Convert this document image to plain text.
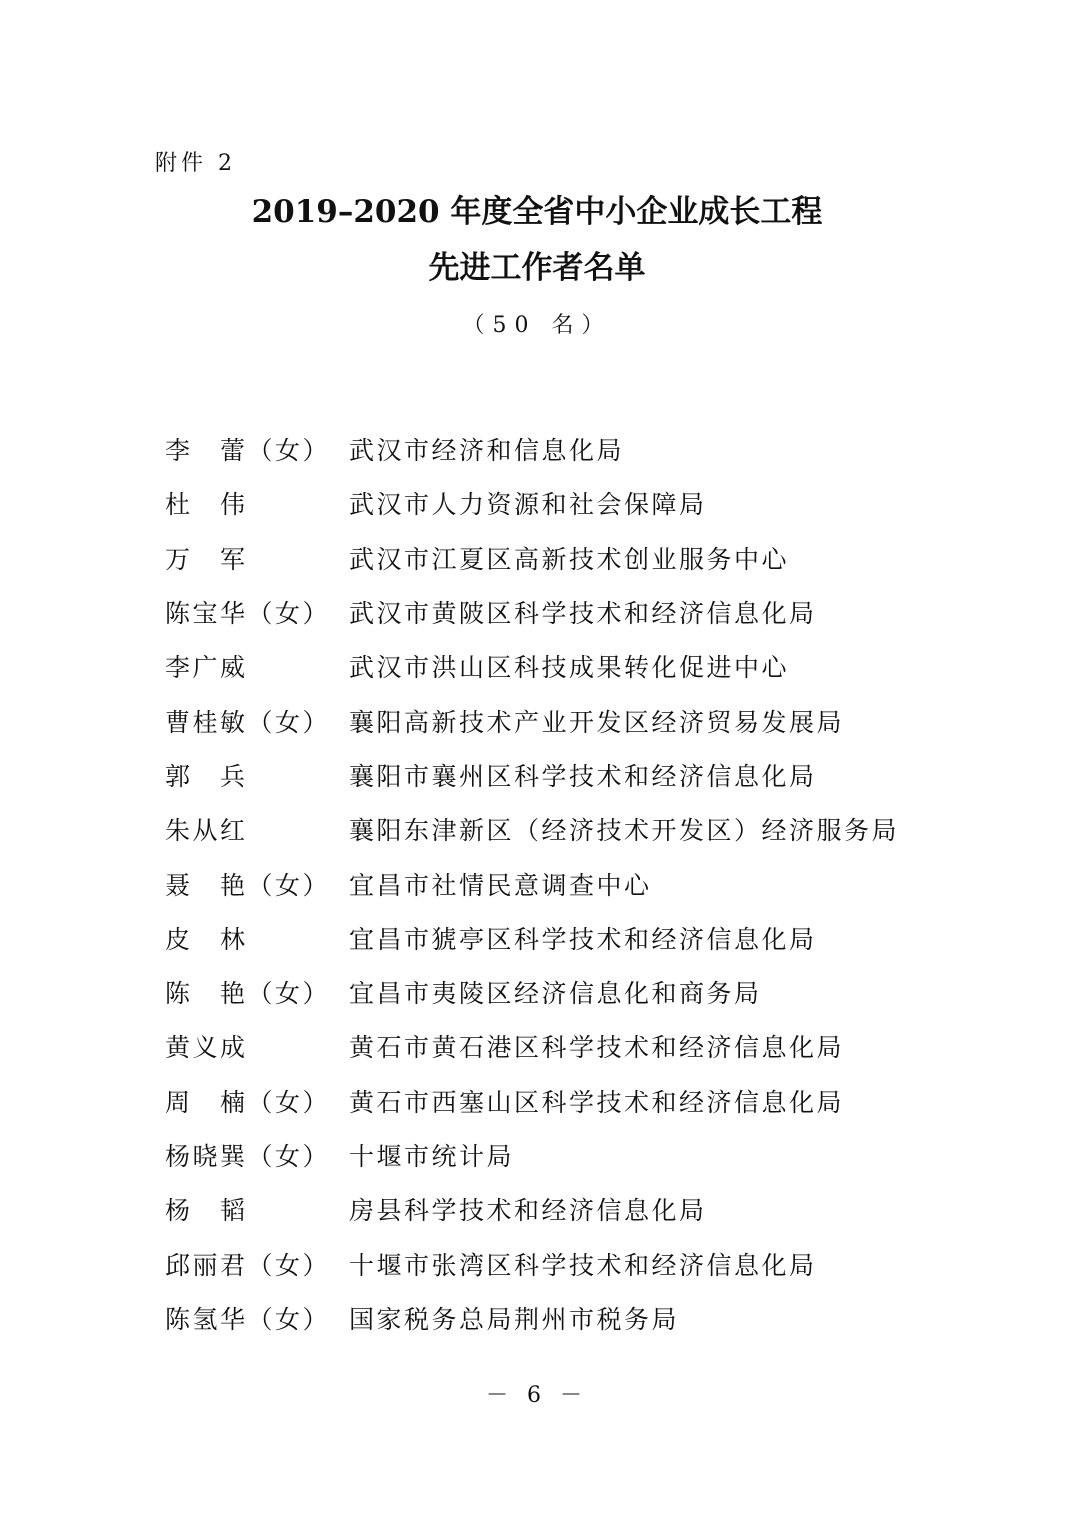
附件 2
2019–2020 年度全省中小企业成长工程
先进工作者名单
（50 名）
李　蕾（女） 武汉市经济和信息化局
杜　伟	武汉市人力资源和社会保障局
万　军	武汉市江夏区高新技术创业服务中心
陈宝华（女） 武汉市黄陂区科学技术和经济信息化局
李广威	武汉市洪山区科技成果转化促进中心
曹桂敏（女） 襄阳高新技术产业开发区经济贸易发展局
郭　兵	襄阳市襄州区科学技术和经济信息化局
朱从红	襄阳东津新区（经济技术开发区）经济服务局
聂　艳（女） 宜昌市社情民意调查中心
皮　林	宜昌市猇亭区科学技术和经济信息化局
陈　艳（女） 宜昌市夷陵区经济信息化和商务局
黄义成	黄石市黄石港区科学技术和经济信息化局
周　楠（女） 黄石市西塞山区科学技术和经济信息化局
杨晓巽（女） 十堰市统计局
杨　韬	房县科学技术和经济信息化局
邱丽君（女） 十堰市张湾区科学技术和经济信息化局
陈氢华（女） 国家税务总局荆州市税务局
－ 6 －
